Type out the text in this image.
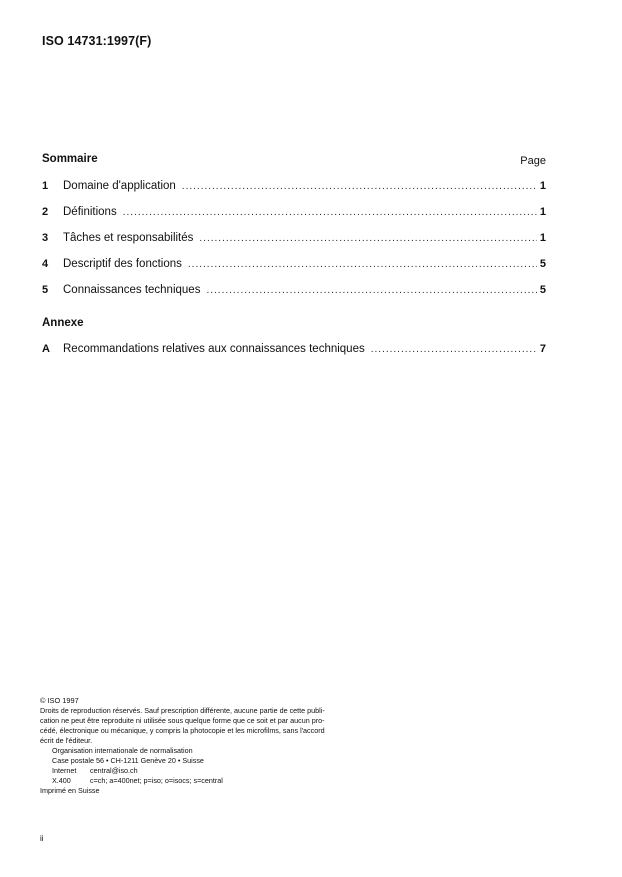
ISO 14731:1997(F)
Sommaire	Page
1	Domaine d'application .....	1
2	Définitions .....	1
3	Tâches et responsabilités .....	1
4	Descriptif des fonctions .....	5
5	Connaissances techniques .....	5
Annexe
A	Recommandations relatives aux connaissances techniques .....	7
© ISO 1997
Droits de reproduction réservés. Sauf prescription différente, aucune partie de cette publi-
cation ne peut être reproduite ni utilisée sous quelque forme que ce soit et par aucun pro-
cédé, électronique ou mécanique, y compris la photocopie et les microfilms, sans l'accord
écrit de l'éditeur.
Organisation internationale de normalisation
Case postale 56 • CH-1211 Genève 20 • Suisse
Internet	central@iso.ch
X.400	c=ch; a=400net; p=iso; o=isocs; s=central
Imprimé en Suisse
ii
